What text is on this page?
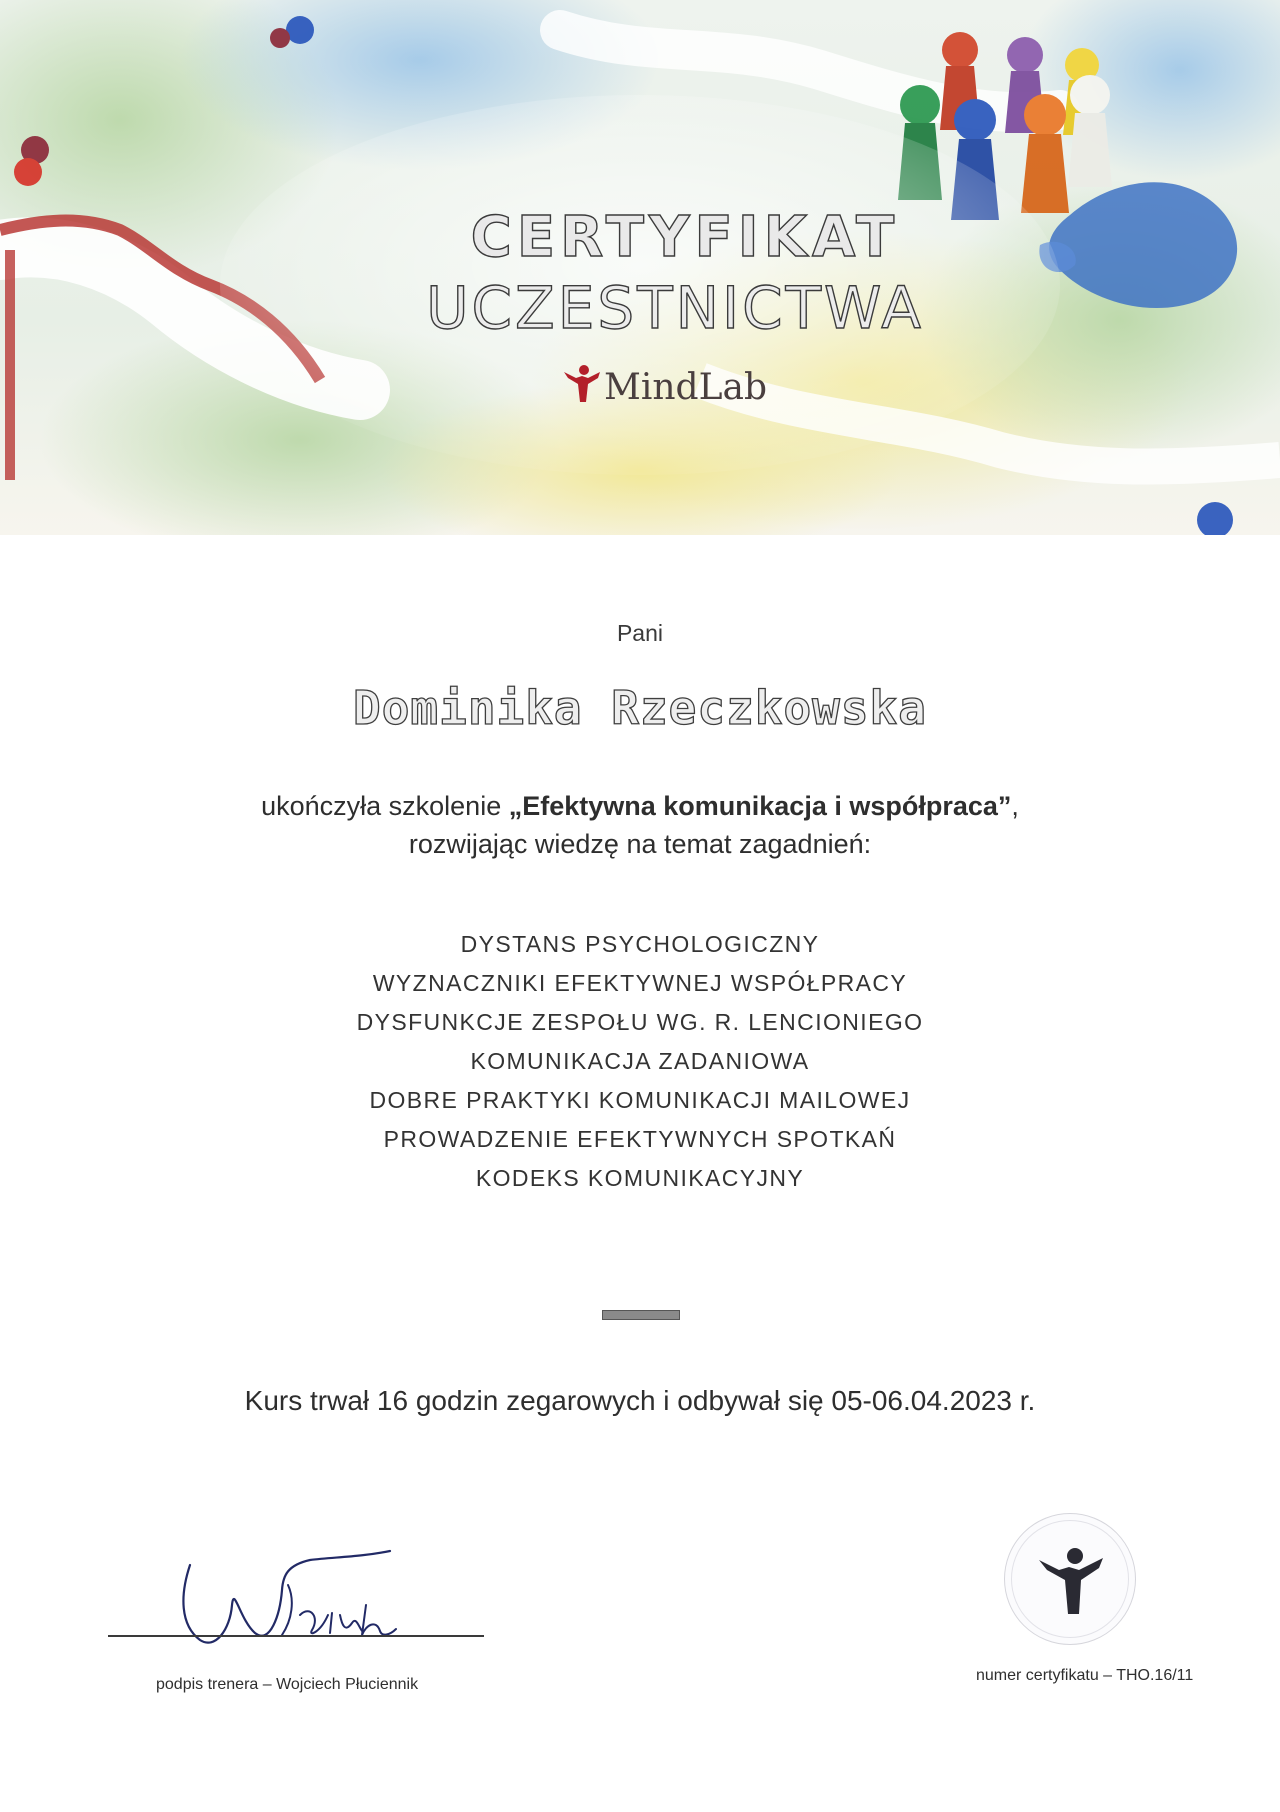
CERTYFIKAT
UCZESTNICTWA
MindLab
Pani
Dominika Rzeczkowska
ukończyła szkolenie „Efektywna komunikacja i współpraca”,
rozwijając wiedzę na temat zagadnień:
DYSTANS PSYCHOLOGICZNY
WYZNACZNIKI EFEKTYWNEJ WSPÓŁPRACY
DYSFUNKCJE ZESPOŁU WG. R. LENCIONIEGO
KOMUNIKACJA ZADANIOWA
DOBRE PRAKTYKI KOMUNIKACJI MAILOWEJ
PROWADZENIE EFEKTYWNYCH SPOTKAŃ
KODEKS KOMUNIKACYJNY
Kurs trwał 16 godzin zegarowych i odbywał się 05-06.04.2023 r.
podpis trenera – Wojciech Płuciennik
numer certyfikatu – THO.16/11
